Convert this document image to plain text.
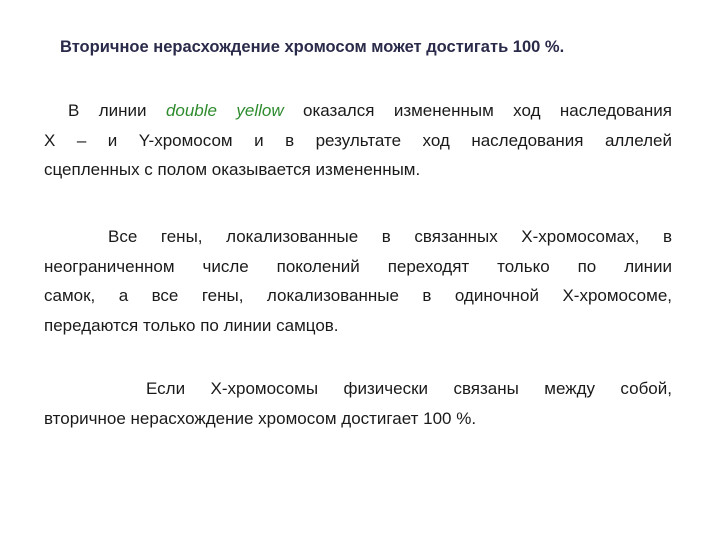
Вторичное нерасхождение хромосом может достигать 100 %.
В линии double yellow оказался измененным ход наследования
X – и Y-хромосом и в результате ход наследования аллелей
сцепленных с полом оказывается измененным.
Все гены, локализованные в связанных Х-хромосомах, в
неограниченном числе поколений переходят только по линии
самок, а все гены, локализованные в одиночной Х-хромосоме,
передаются только по линии самцов.
Если Х-хромосомы физически связаны между собой,
вторичное нерасхождение хромосом достигает 100 %.
